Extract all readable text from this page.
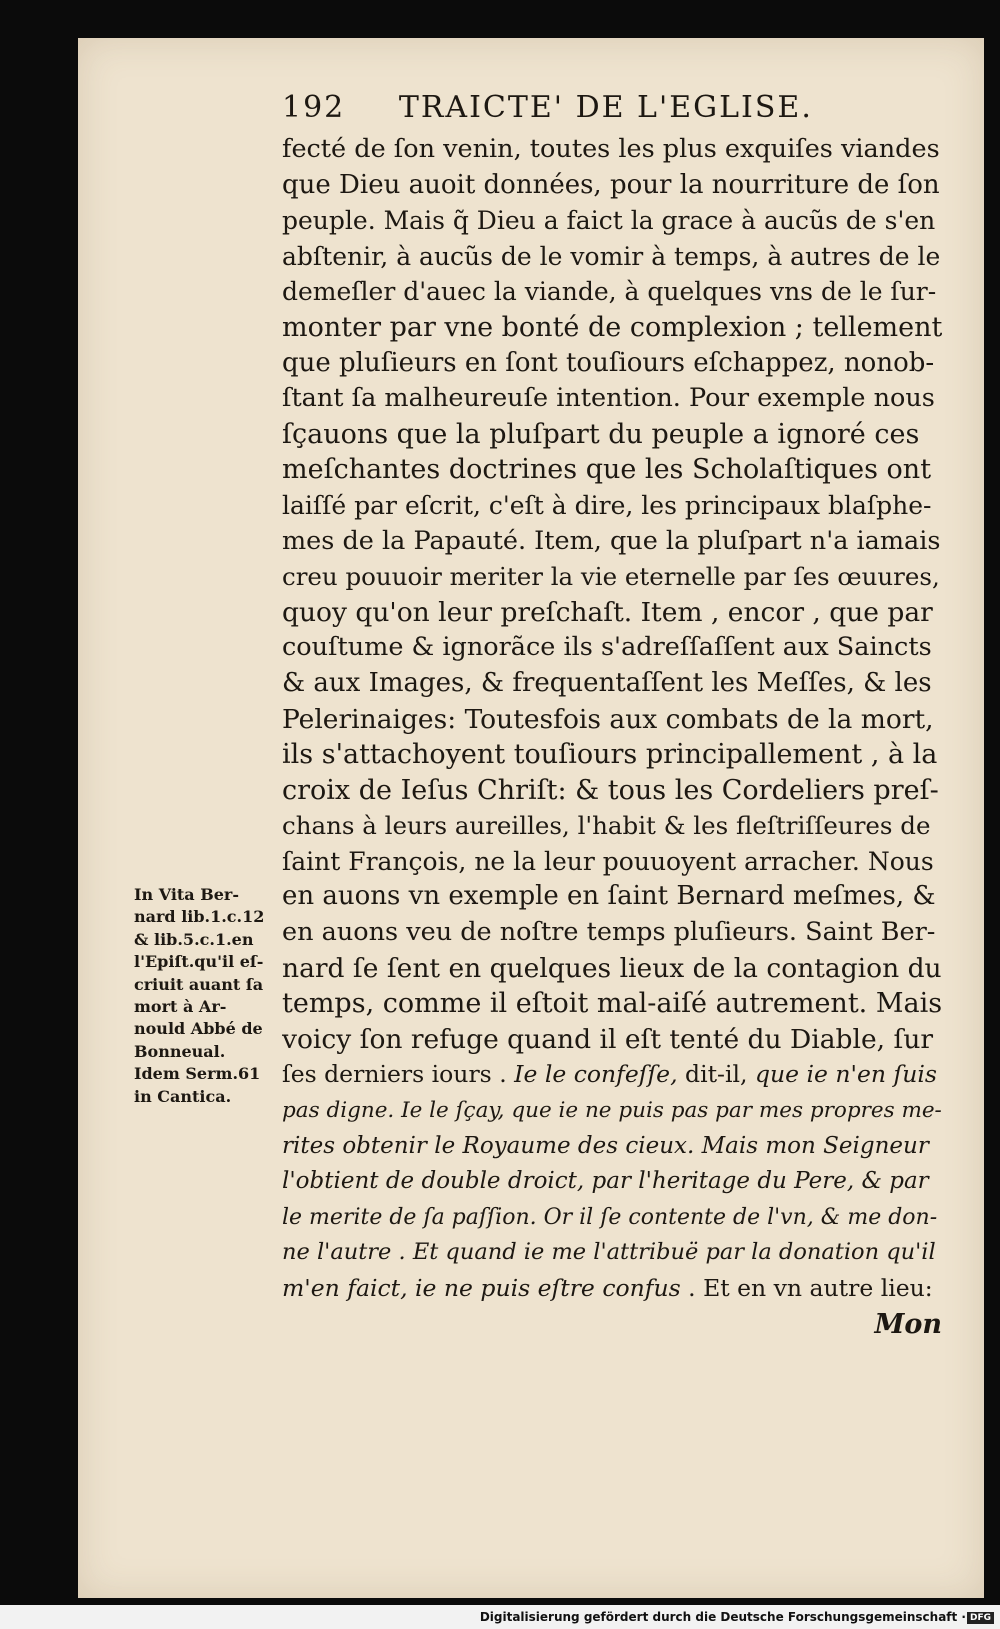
192 TRAICTE' DE L'EGLISE.
fecté de ſon venin, toutes les plus exquiſes viandes
que Dieu auoit données, pour la nourriture de ſon
peuple. Mais q̃ Dieu a faict la grace à aucũs de s'en
abſtenir, à aucũs de le vomir à temps, à autres de le
demeſler d'auec la viande, à quelques vns de le ſur-
monter par vne bonté de complexion ; tellement
que pluſieurs en ſont touſiours eſchappez, nonob-
ſtant ſa malheureuſe intention. Pour exemple nous
ſçauons que la pluſpart du peuple a ignoré ces
meſchantes doctrines que les Scholaſtiques ont
laiſſé par eſcrit, c'eſt à dire, les principaux blaſphe-
mes de la Papauté. Item, que la pluſpart n'a iamais
creu pouuoir meriter la vie eternelle par ſes œuures,
quoy qu'on leur preſchaſt. Item , encor , que par
couſtume & ignorãce ils s'adreſſaſſent aux Saincts
& aux Images, & frequentaſſent les Meſſes, & les
Pelerinaiges: Toutesfois aux combats de la mort,
ils s'attachoyent touſiours principallement , à la
croix de Ieſus Chriſt: & tous les Cordeliers preſ-
chans à leurs aureilles, l'habit & les fleſtriſſeures de
ſaint François, ne la leur pouuoyent arracher. Nous
en auons vn exemple en ſaint Bernard meſmes, &
en auons veu de noſtre temps pluſieurs. Saint Ber-
nard ſe ſent en quelques lieux de la contagion du
temps, comme il eſtoit mal-aiſé autrement. Mais
voicy ſon refuge quand il eſt tenté du Diable, ſur
ſes derniers iours . Ie le confeſſe, dit-il, que ie n'en ſuis
pas digne. Ie le ſçay, que ie ne puis pas par mes propres me-
rites obtenir le Royaume des cieux. Mais mon Seigneur
l'obtient de double droict, par l'heritage du Pere, & par
le merite de ſa paſſion. Or il ſe contente de l'vn, & me don-
ne l'autre . Et quand ie me l'attribuë par la donation qu'il
m'en faict, ie ne puis eſtre confus . Et en vn autre lieu:
Mon
In Vita Ber-
nard lib.1.c.12
& lib.5.c.1.en
l'Epiſt.qu'il eſ-
criuit auant ſa
mort à Ar-
nould Abbé de
Bonneual.
Idem Serm.61
in Cantica.
Digitalisierung gefördert durch die Deutsche Forschungsgemeinschaft · DFG
